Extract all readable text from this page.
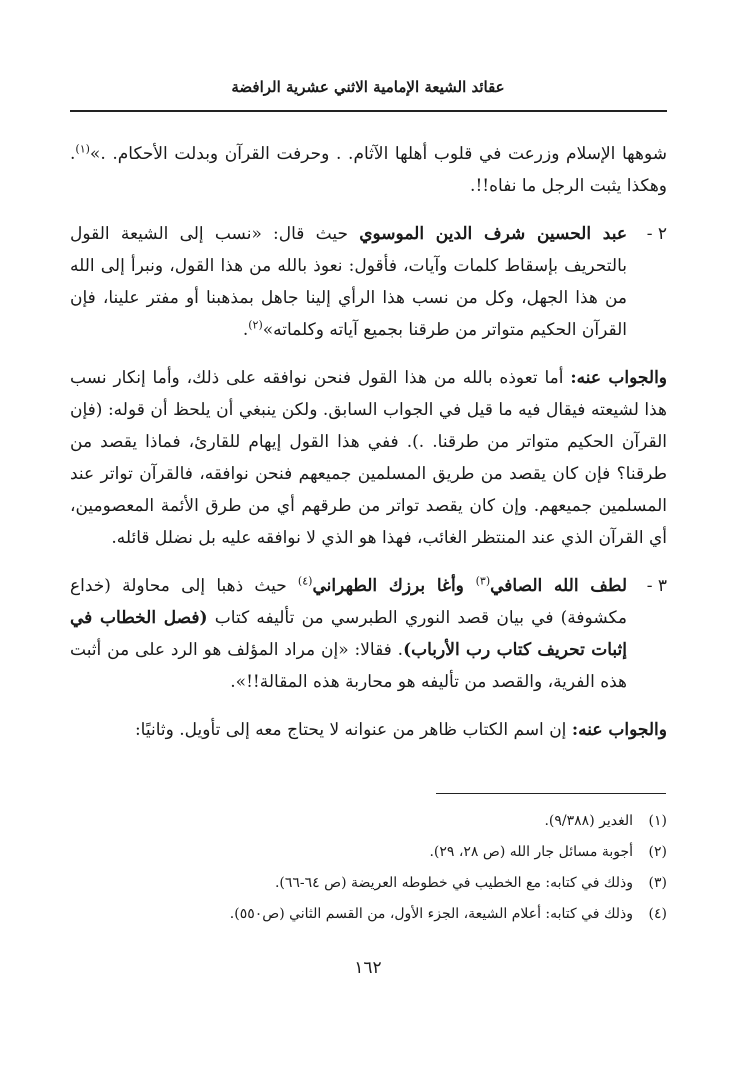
عقائد الشيعة الإمامية الاثني عشرية الرافضة

شوهها الإسلام وزرعت في قلوب أهلها الآثام. . وحرفت القرآن وبدلت الأحكام. .»$^{(١)}$. وهكذا يثبت الرجل ما نفاه!!.

٢ -
عبد الحسين شرف الدين الموسوي حيث قال: «نسب إلى الشيعة القول بالتحريف بإسقاط كلمات وآيات، فأقول: نعوذ بالله من هذا القول، ونبرأ إلى الله من هذا الجهل، وكل من نسب هذا الرأي إلينا جاهل بمذهبنا أو مفتر علينا، فإن القرآن الحكيم متواتر من طرقنا بجميع آياته وكلماته»$^{(٢)}$.

والجواب عنه: أما تعوذه بالله من هذا القول فنحن نوافقه على ذلك، وأما إنكار نسب هذا لشيعته فيقال فيه ما قيل في الجواب السابق. ولكن ينبغي أن يلحظ أن قوله: (فإن القرآن الحكيم متواتر من طرقنا. .). ففي هذا القول إيهام للقارئ، فماذا يقصد من طرقنا؟ فإن كان يقصد من طريق المسلمين جميعهم فنحن نوافقه، فالقرآن تواتر عند المسلمين جميعهم. وإن كان يقصد تواتر من طرقهم أي من طرق الأئمة المعصومين، أي القرآن الذي عند المنتظر الغائب، فهذا هو الذي لا نوافقه عليه بل نضلل قائله.

٣ -
لطف الله الصافي$^{(٣)}$ وأغا برزك الطهراني$^{(٤)}$ حيث ذهبا إلى محاولة (خداع مكشوفة) في بيان قصد النوري الطبرسي من تأليفه كتاب (فصل الخطاب في إثبات تحريف كتاب رب الأرباب). فقالا: «إن مراد المؤلف هو الرد على من أثبت هذه الفرية، والقصد من تأليفه هو محاربة هذه المقالة!!».

والجواب عنه: إن اسم الكتاب ظاهر من عنوانه لا يحتاج معه إلى تأويل. وثانيًا:

(١)
الغدير (٩/٣٨٨).
(٢)
أجوبة مسائل جار الله (ص ٢٨، ٢٩).
(٣)
وذلك في كتابه: مع الخطيب في خطوطه العريضة (ص ٦٤-٦٦).
(٤)
وذلك في كتابه: أعلام الشيعة، الجزء الأول، من القسم الثاني (ص٥٥٠).
١٦٢
